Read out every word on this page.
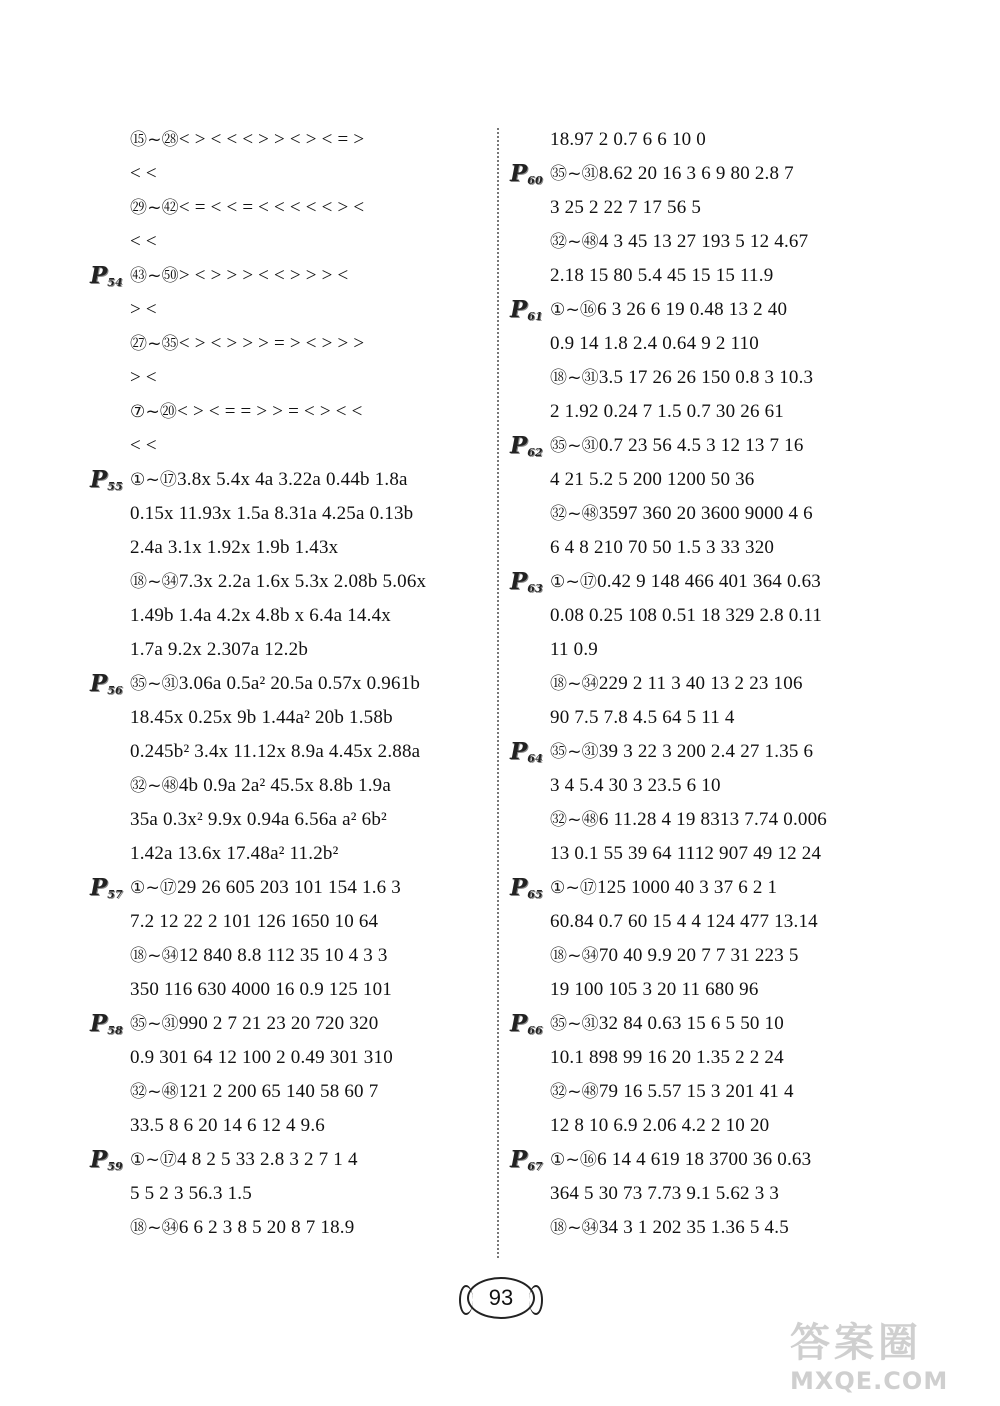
⑮~㉘< > < < < > > < > < = >
< <
㉙~㊷< = < < = < < < < < > <
< <
$P_{54}$ ㊸~㊿> < > > > < < > > > <
> <
㉗~㉟< > < > > > = > < > > >
> <
⑦~⑳< > < = = > > = < > < <
< <
$P_{55}$ ①~⑰3.8x 5.4x 4a 3.22a 0.44b 1.8a
0.15x 11.93x 1.5a 8.31a 4.25a 0.13b
2.4a 3.1x 1.92x 1.9b 1.43x
⑱~㉞7.3x 2.2a 1.6x 5.3x 2.08b 5.06x
1.49b 1.4a 4.2x 4.8b x 6.4a 14.4x
1.7a 9.2x 2.307a 12.2b
$P_{56}$ ㉟~㉛3.06a 0.5a² 20.5a 0.57x 0.961b
18.45x 0.25x 9b 1.44a² 20b 1.58b
0.245b² 3.4x 11.12x 8.9a 4.45x 2.88a
㉜~㊽4b 0.9a 2a² 45.5x 8.8b 1.9a
35a 0.3x² 9.9x 0.94a 6.56a a² 6b²
1.42a 13.6x 17.48a² 11.2b²
$P_{57}$ ①~⑰29 26 605 203 101 154 1.6 3
7.2 12 22 2 101 126 1650 10 64
⑱~㉞12 840 8.8 112 35 10 4 3 3
350 116 630 4000 16 0.9 125 101
$P_{58}$ ㉟~㉛990 2 7 21 23 20 720 320
0.9 301 64 12 100 2 0.49 301 310
㉜~㊽121 2 200 65 140 58 60 7
33.5 8 6 20 14 6 12 4 9.6
$P_{59}$ ①~⑰4 8 2 5 33 2.8 3 2 7 1 4
5 5 2 3 56.3 1.5
⑱~㉞6 6 2 3 8 5 20 8 7 18.9
18.97 2 0.7 6 6 10 0
$P_{60}$ ㉟~㉛8.62 20 16 3 6 9 80 2.8 7
3 25 2 22 7 17 56 5
㉜~㊽4 3 45 13 27 193 5 12 4.67
2.18 15 80 5.4 45 15 15 11.9
$P_{61}$ ①~⑯6 3 26 6 19 0.48 13 2 40
0.9 14 1.8 2.4 0.64 9 2 110
⑱~㉛3.5 17 26 26 150 0.8 3 10.3
2 1.92 0.24 7 1.5 0.7 30 26 61
$P_{62}$ ㉟~㉛0.7 23 56 4.5 3 12 13 7 16
4 21 5.2 5 200 1200 50 36
㉜~㊽3597 360 20 3600 9000 4 6
6 4 8 210 70 50 1.5 3 33 320
$P_{63}$ ①~⑰0.42 9 148 466 401 364 0.63
0.08 0.25 108 0.51 18 329 2.8 0.11
11 0.9
⑱~㉞229 2 11 3 40 13 2 23 106
90 7.5 7.8 4.5 64 5 11 4
$P_{64}$ ㉟~㉛39 3 22 3 200 2.4 27 1.35 6
3 4 5.4 30 3 23.5 6 10
㉜~㊽6 11.28 4 19 8313 7.74 0.006
13 0.1 55 39 64 1112 907 49 12 24
$P_{65}$ ①~⑰125 1000 40 3 37 6 2 1
60.84 0.7 60 15 4 4 124 477 13.14
⑱~㉞70 40 9.9 20 7 7 31 223 5
19 100 105 3 20 11 680 96
$P_{66}$ ㉟~㉛32 84 0.63 15 6 5 50 10
10.1 898 99 16 20 1.35 2 2 24
㉜~㊽79 16 5.57 15 3 201 41 4
12 8 10 6.9 2.06 4.2 2 10 20
$P_{67}$ ①~⑯6 14 4 619 18 3700 36 0.63
364 5 30 73 7.73 9.1 5.62 3 3
⑱~㉞34 3 1 202 35 1.36 5 4.5
93
答案圈
MXQE.COM
